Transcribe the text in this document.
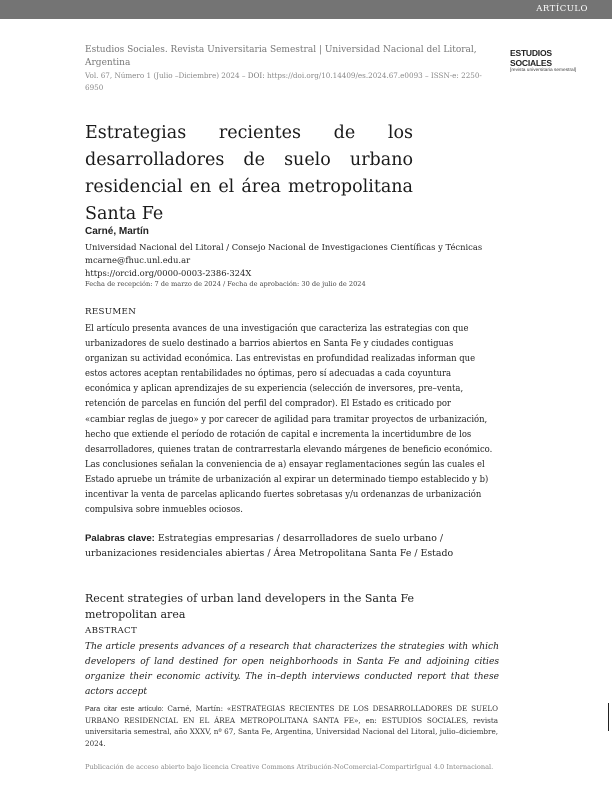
ARTÍCULO
Estudios Sociales. Revista Universitaria Semestral | Universidad Nacional del Litoral, Argentina
Vol. 67, Número 1 (Julio –Diciembre) 2024 – DOI: https://doi.org/10.14409/es.2024.67.e0093 – ISSN-e: 2250-6950
ESTUDIOS SOCIALES
[revista universitaria semestral]
Estrategias recientes de los desarrolladores de suelo urbano residencial en el área metropolitana Santa Fe
Carné, Martín
Universidad Nacional del Litoral / Consejo Nacional de Investigaciones Científicas y Técnicas
mcarne@fhuc.unl.edu.ar
https://orcid.org/0000-0003-2386-324X
Fecha de recepción: 7 de marzo de 2024 / Fecha de aprobación: 30 de julio de 2024
RESUMEN
El artículo presenta avances de una investigación que caracteriza las estrategias con que urbanizadores de suelo destinado a barrios abiertos en Santa Fe y ciudades contiguas organizan su actividad económica. Las entrevistas en profundidad realizadas informan que estos actores aceptan rentabilidades no óptimas, pero sí adecuadas a cada coyuntura económica y aplican aprendizajes de su experiencia (selección de inversores, pre–venta, retención de parcelas en función del perfil del comprador). El Estado es criticado por «cambiar reglas de juego» y por carecer de agilidad para tramitar proyectos de urbanización, hecho que extiende el período de rotación de capital e incrementa la incertidumbre de los desarrolladores, quienes tratan de contrarrestarla elevando márgenes de beneficio económico. Las conclusiones señalan la conveniencia de a) ensayar reglamentaciones según las cuales el Estado apruebe un trámite de urbanización al expirar un determinado tiempo establecido y b) incentivar la venta de parcelas aplicando fuertes sobretasas y/u ordenanzas de urbanización compulsiva sobre inmuebles ociosos.
Palabras clave: Estrategias empresarias / desarrolladores de suelo urbano / urbanizaciones residenciales abiertas / Área Metropolitana Santa Fe / Estado
Recent strategies of urban land developers in the Santa Fe metropolitan area
ABSTRACT
The article presents advances of a research that characterizes the strategies with which developers of land destined for open neighborhoods in Santa Fe and adjoining cities organize their economic activity. The in–depth interviews conducted report that these actors accept
Para citar este artículo: Carné, Martín: «ESTRATEGIAS RECIENTES DE LOS DESARROLLADORES DE SUELO URBANO RESIDENCIAL EN EL ÁREA METROPOLITANA SANTA FE», en: ESTUDIOS SOCIALES, revista universitaria semestral, año XXXV, nº 67, Santa Fe, Argentina, Universidad Nacional del Litoral, julio–diciembre, 2024.
Publicación de acceso abierto bajo licencia Creative Commons Atribución-NoComercial-CompartirIgual 4.0 Internacional.
